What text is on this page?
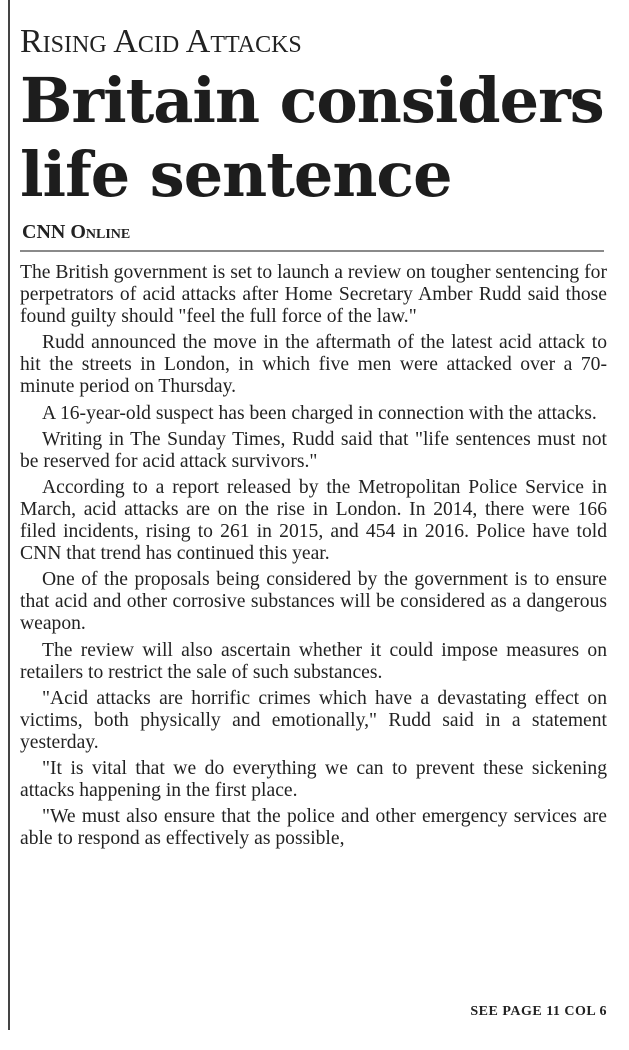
Rising Acid Attacks
Britain considers life sentence
CNN Online

The British government is set to launch a review on tougher sentencing for perpetrators of acid attacks after Home Secretary Amber Rudd said those found guilty should "feel the full force of the law."

Rudd announced the move in the aftermath of the latest acid attack to hit the streets in London, in which five men were attacked over a 70-minute period on Thursday.

A 16-year-old suspect has been charged in connection with the attacks.

Writing in The Sunday Times, Rudd said that "life sentences must not be reserved for acid attack survivors."

According to a report released by the Metropolitan Police Service in March, acid attacks are on the rise in London. In 2014, there were 166 filed incidents, rising to 261 in 2015, and 454 in 2016. Police have told CNN that trend has continued this year.

One of the proposals being considered by the government is to ensure that acid and other corrosive substances will be considered as a dangerous weapon.

The review will also ascertain whether it could impose measures on retailers to restrict the sale of such substances.

"Acid attacks are horrific crimes which have a devastating effect on victims, both physically and emotionally," Rudd said in a statement yesterday.

"It is vital that we do everything we can to prevent these sickening attacks happening in the first place.

"We must also ensure that the police and other emergency services are able to respond as effectively as possible,

SEE PAGE 11 COL 6
